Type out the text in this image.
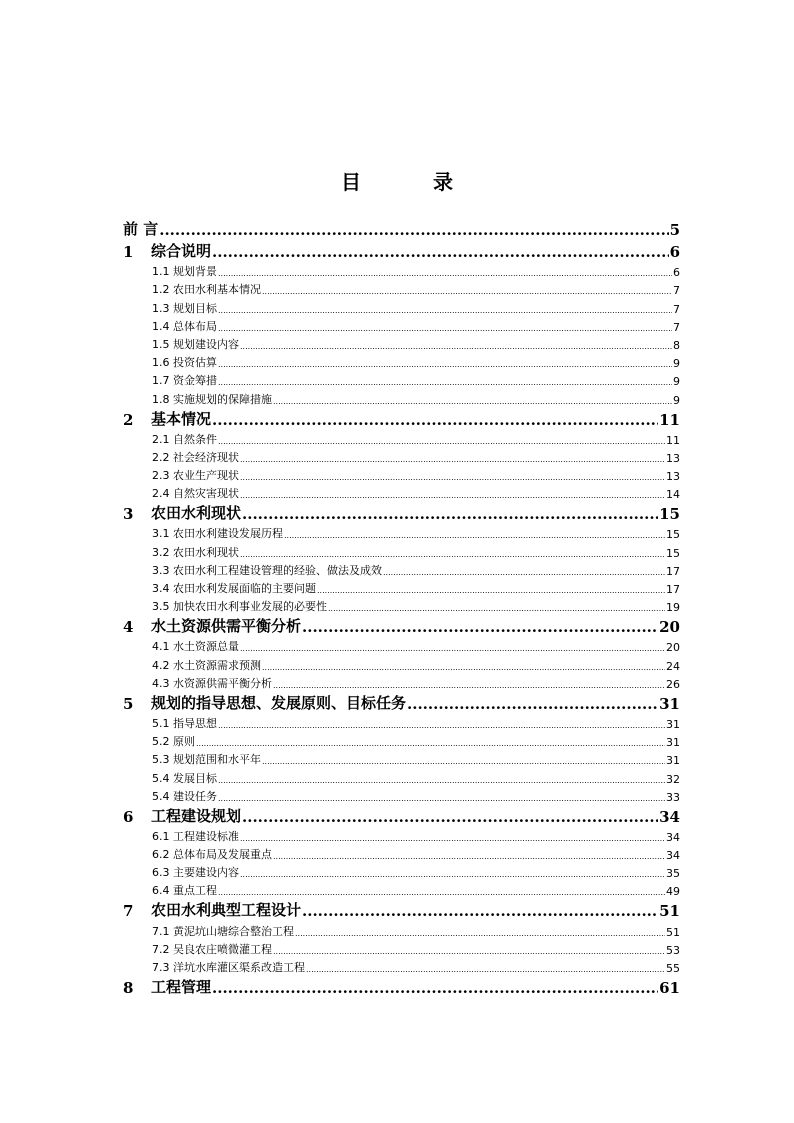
目	录
前 言 .....	5
1	综合说明 .....	6
1.1 规划背景 .....	6
1.2 农田水利基本情况 .....	7
1.3 规划目标 .....	7
1.4 总体布局 .....	7
1.5 规划建设内容 .....	8
1.6 投资估算 .....	9
1.7 资金筹措 .....	9
1.8 实施规划的保障措施 .....	9
2	基本情况 .....	11
2.1 自然条件 .....	11
2.2 社会经济现状 .....	13
2.3 农业生产现状 .....	13
2.4 自然灾害现状 .....	14
3	农田水利现状 .....	15
3.1 农田水利建设发展历程 .....	15
3.2 农田水利现状 .....	15
3.3 农田水利工程建设管理的经验、做法及成效 .....	17
3.4 农田水利发展面临的主要问题 .....	17
3.5 加快农田水利事业发展的必要性 .....	19
4	水土资源供需平衡分析 .....	20
4.1 水土资源总量 .....	20
4.2 水土资源需求预测 .....	24
4.3 水资源供需平衡分析 .....	26
5	规划的指导思想、发展原则、目标任务 .....	31
5.1 指导思想 .....	31
5.2 原则 .....	31
5.3 规划范围和水平年 .....	31
5.4 发展目标 .....	32
5.4 建设任务 .....	33
6	工程建设规划 .....	34
6.1 工程建设标准 .....	34
6.2 总体布局及发展重点 .....	34
6.3 主要建设内容 .....	35
6.4 重点工程 .....	49
7	农田水利典型工程设计 .....	51
7.1 黄泥坑山塘综合整治工程 .....	51
7.2 吴良农庄喷微灌工程 .....	53
7.3 洋坑水库灌区渠系改造工程 .....	55
8	工程管理 .....	61
